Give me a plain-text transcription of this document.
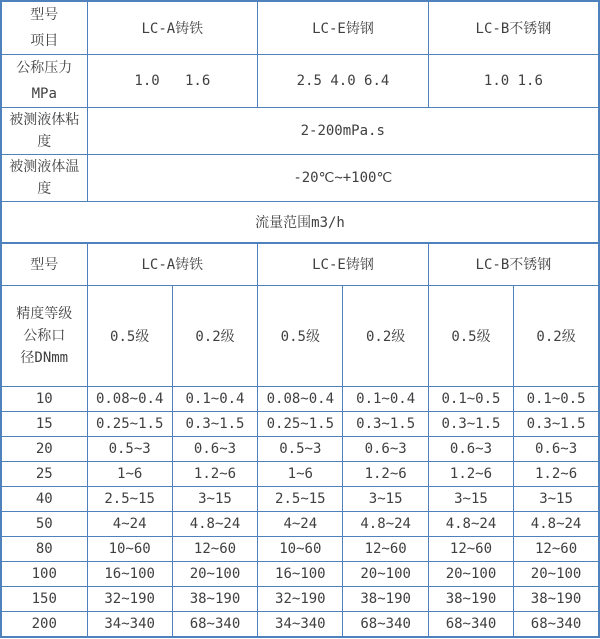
型号
项目	LC-A铸铁		LC-E铸钢		LC-B不锈钢	

公称压力
MPa	1.0   1.6		2.5 4.0 6.4		1.0 1.6	
被测液体粘度	2-200mPa.s					
被测液体温度	-20℃~+100℃					
流量范围m3/h						
型号	LC-A铸铁		LC-E铸钢		LC-B不锈钢	

精度等级
公称口
径DNmm	0.5级	0.2级	0.5级	0.2级	0.5级	0.2级
10	0.08~0.4	0.1~0.4	0.08~0.4	0.1~0.4	0.1~0.5	0.1~0.5
15	0.25~1.5	0.3~1.5	0.25~1.5	0.3~1.5	0.3~1.5	0.3~1.5
20	0.5~3	0.6~3	0.5~3	0.6~3	0.6~3	0.6~3
25	1~6	1.2~6	1~6	1.2~6	1.2~6	1.2~6
40	2.5~15	3~15	2.5~15	3~15	3~15	3~15
50	4~24	4.8~24	4~24	4.8~24	4.8~24	4.8~24
80	10~60	12~60	10~60	12~60	12~60	12~60
100	16~100	20~100	16~100	20~100	20~100	20~100
150	32~190	38~190	32~190	38~190	38~190	38~190
200	34~340	68~340	34~340	68~340	68~340	68~340
